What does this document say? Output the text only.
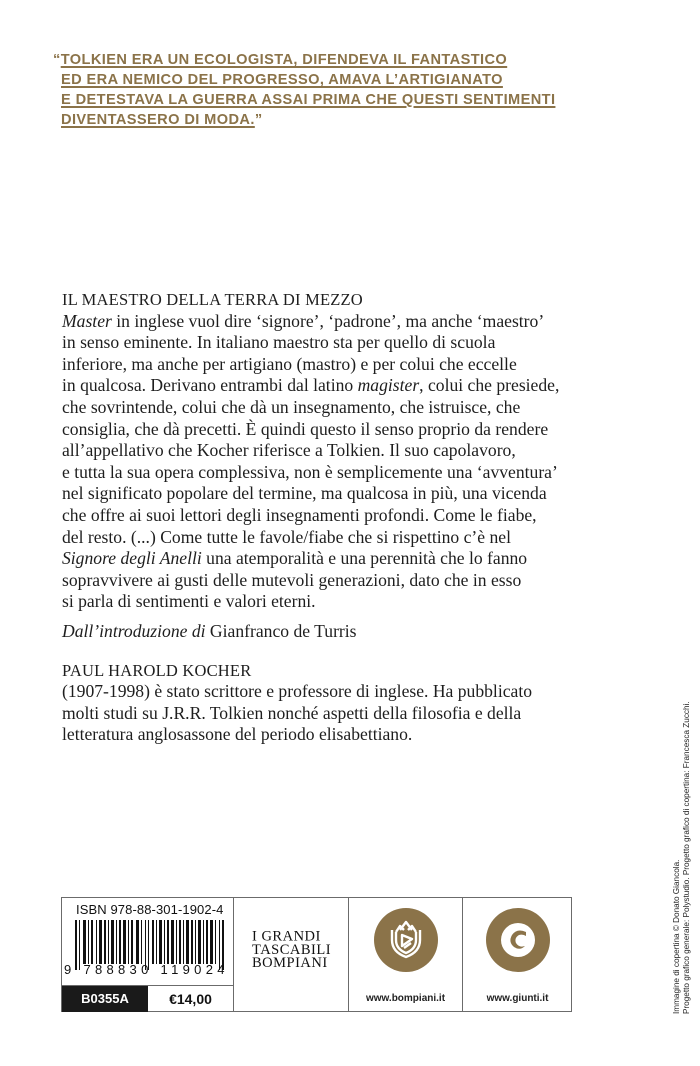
“TOLKIEN ERA UN ECOLOGISTA, DIFENDEVA IL FANTASTICO
ED ERA NEMICO DEL PROGRESSO, AMAVA L’ARTIGIANATO
E DETESTAVA LA GUERRA ASSAI PRIMA CHE QUESTI SENTIMENTI
DIVENTASSERO DI MODA.”
IL MAESTRO DELLA TERRA DI MEZZO
Master in inglese vuol dire ‘signore’, ‘padrone’, ma anche ‘maestro’
in senso eminente. In italiano maestro sta per quello di scuola
inferiore, ma anche per artigiano (mastro) e per colui che eccelle
in qualcosa. Derivano entrambi dal latino magister, colui che presiede,
che sovrintende, colui che dà un insegnamento, che istruisce, che
consiglia, che dà precetti. È quindi questo il senso proprio da rendere
all’appellativo che Kocher riferisce a Tolkien. Il suo capolavoro,
e tutta la sua opera complessiva, non è semplicemente una ‘avventura’
nel significato popolare del termine, ma qualcosa in più, una vicenda
che offre ai suoi lettori degli insegnamenti profondi. Come le fiabe,
del resto. (...) Come tutte le favole/fiabe che si rispettino c’è nel
Signore degli Anelli una atemporalità e una perennità che lo fanno
sopravvivere ai gusti delle mutevoli generazioni, dato che in esso
si parla di sentimenti e valori eterni.
Dall’introduzione di Gianfranco de Turris
PAUL HAROLD KOCHER
(1907-1998) è stato scrittore e professore di inglese. Ha pubblicato
molti studi su J.R.R. Tolkien nonché aspetti della filosofia e della
letteratura anglosassone del periodo elisabettiano.
ISBN 978-88-301-1902-4
9 788830 119024
B0355A	€14,00
I GRANDI
TASCABILI
BOMPIANI
www.bompiani.it	www.giunti.it	Immagine di copertina © Donato Giancola. Progetto grafico generale: Polystudio. Progetto grafico di copertina: Francesca Zucchi.
